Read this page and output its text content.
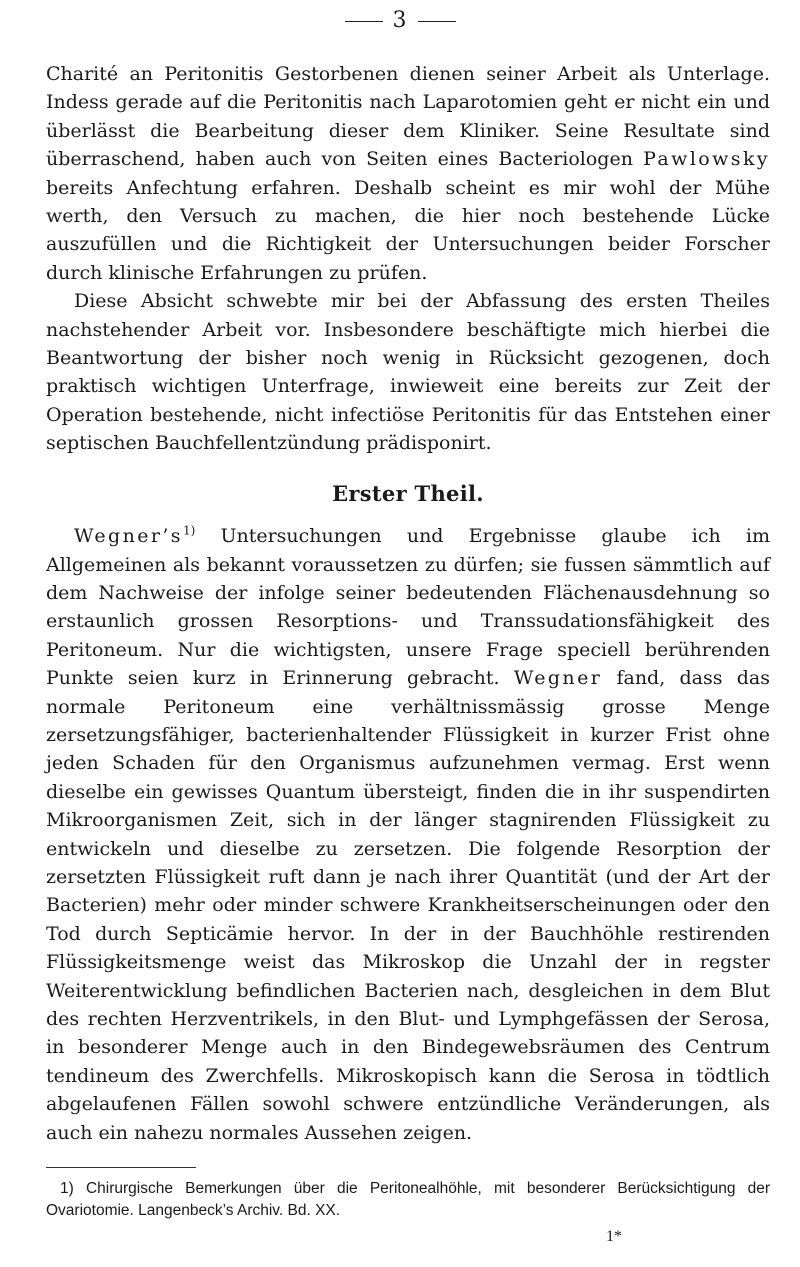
3

Charité an Peritonitis Gestorbenen dienen seiner Arbeit als Unterlage. Indess gerade auf die Peritonitis nach Laparotomien geht er nicht ein und überlässt die Bearbeitung dieser dem Kliniker. Seine Resultate sind überraschend, haben auch von Seiten eines Bacteriologen Pawlowsky bereits Anfechtung erfahren. Deshalb scheint es mir wohl der Mühe werth, den Versuch zu machen, die hier noch bestehende Lücke auszufüllen und die Richtigkeit der Untersuchungen beider Forscher durch klinische Erfahrungen zu prüfen.

Diese Absicht schwebte mir bei der Abfassung des ersten Theiles nachstehender Arbeit vor. Insbesondere beschäftigte mich hierbei die Beantwortung der bisher noch wenig in Rücksicht gezogenen, doch praktisch wichtigen Unterfrage, inwieweit eine bereits zur Zeit der Operation bestehende, nicht infectiöse Peritonitis für das Entstehen einer septischen Bauchfellentzündung prädisponirt.

Erster Theil.

Wegner’s$^{1)}$ Untersuchungen und Ergebnisse glaube ich im Allgemeinen als bekannt voraussetzen zu dürfen; sie fussen sämmtlich auf dem Nachweise der infolge seiner bedeutenden Flächenausdehnung so erstaunlich grossen Resorptions- und Transsudationsfähigkeit des Peritoneum. Nur die wichtigsten, unsere Frage speciell berührenden Punkte seien kurz in Erinnerung gebracht. Wegner fand, dass das normale Peritoneum eine verhältnissmässig grosse Menge zersetzungsfähiger, bacterienhaltender Flüssigkeit in kurzer Frist ohne jeden Schaden für den Organismus aufzunehmen vermag. Erst wenn dieselbe ein gewisses Quantum übersteigt, finden die in ihr suspendirten Mikroorganismen Zeit, sich in der länger stagnirenden Flüssigkeit zu entwickeln und dieselbe zu zersetzen. Die folgende Resorption der zersetzten Flüssigkeit ruft dann je nach ihrer Quantität (und der Art der Bacterien) mehr oder minder schwere Krankheitserscheinungen oder den Tod durch Septicämie hervor. In der in der Bauchhöhle restirenden Flüssigkeitsmenge weist das Mikroskop die Unzahl der in regster Weiterentwicklung befindlichen Bacterien nach, desgleichen in dem Blut des rechten Herzventrikels, in den Blut- und Lymphgefässen der Serosa, in besonderer Menge auch in den Bindegewebsräumen des Centrum tendineum des Zwerchfells. Mikroskopisch kann die Serosa in tödtlich abgelaufenen Fällen sowohl schwere entzündliche Veränderungen, als auch ein nahezu normales Aussehen zeigen.

1) Chirurgische Bemerkungen über die Peritonealhöhle, mit besonderer Berücksichtigung der Ovariotomie. Langenbeck’s Archiv. Bd. XX.
1*
